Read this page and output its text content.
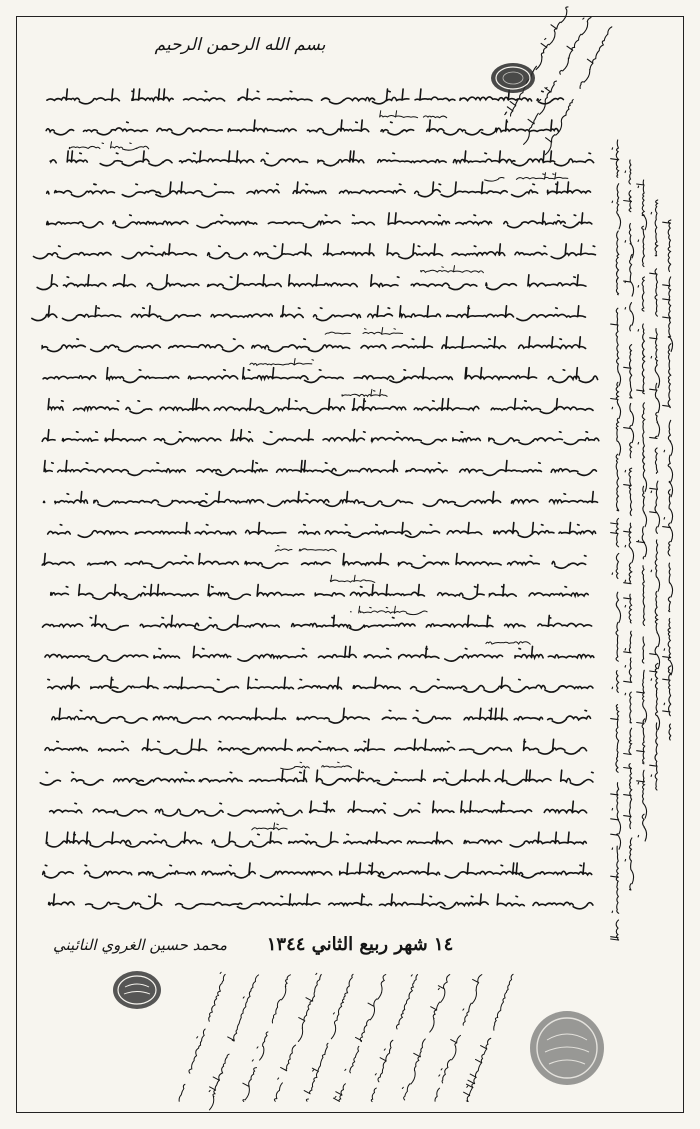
بسم الله الرحمن الرحيم
١٤ شهر ربيع الثاني ١٣٤٤
محمد حسين الغروي النائيني
